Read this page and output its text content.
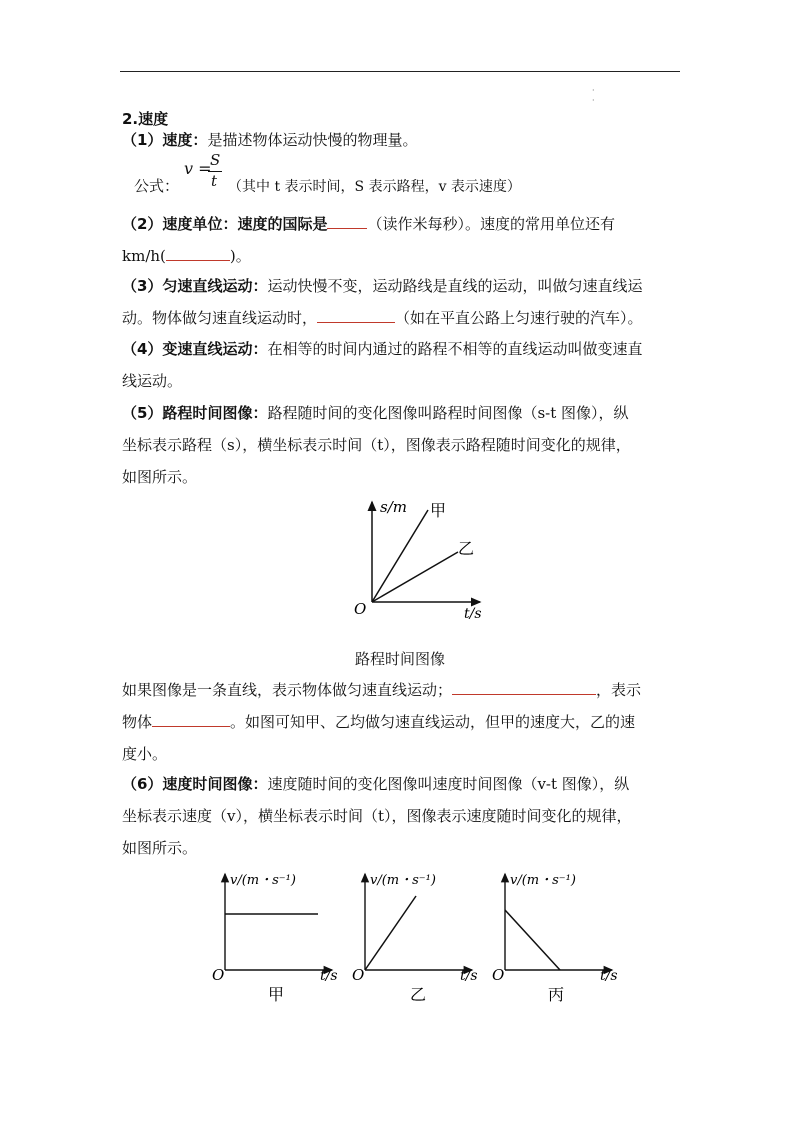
·
·
2.速度
（1）速度：是描述物体运动快慢的物理量。
公式：
v =
S
t （其中 t 表示时间，S 表示路程，v 表示速度）
（2）速度单位：速度的国际是	（读作米每秒）。速度的常用单位还有
km/h(	)。
（3）匀速直线运动：运动快慢不变，运动路线是直线的运动，叫做匀速直线运
动。物体做匀速直线运动时，	（如在平直公路上匀速行驶的汽车）。
（4）变速直线运动：在相等的时间内通过的路程不相等的直线运动叫做变速直
线运动。
（5）路程时间图像：路程随时间的变化图像叫路程时间图像（s-t 图像），纵
坐标表示路程（s），横坐标表示时间（t），图像表示路程随时间变化的规律，
如图所示。
s/m 甲
乙
O	t/s
路程时间图像
如果图像是一条直线，表示物体做匀速直线运动；	，表示
物体	。如图可知甲、乙均做匀速直线运动，但甲的速度大，乙的速
度小。
（6）速度时间图像：速度随时间的变化图像叫速度时间图像（v-t 图像），纵
坐标表示速度（v），横坐标表示时间（t），图像表示速度随时间变化的规律，
如图所示。
v/(m・s⁻¹)
O	t/s
甲
v/(m・s⁻¹)
O	t/s
乙
v/(m・s⁻¹)
O	t/s
丙
